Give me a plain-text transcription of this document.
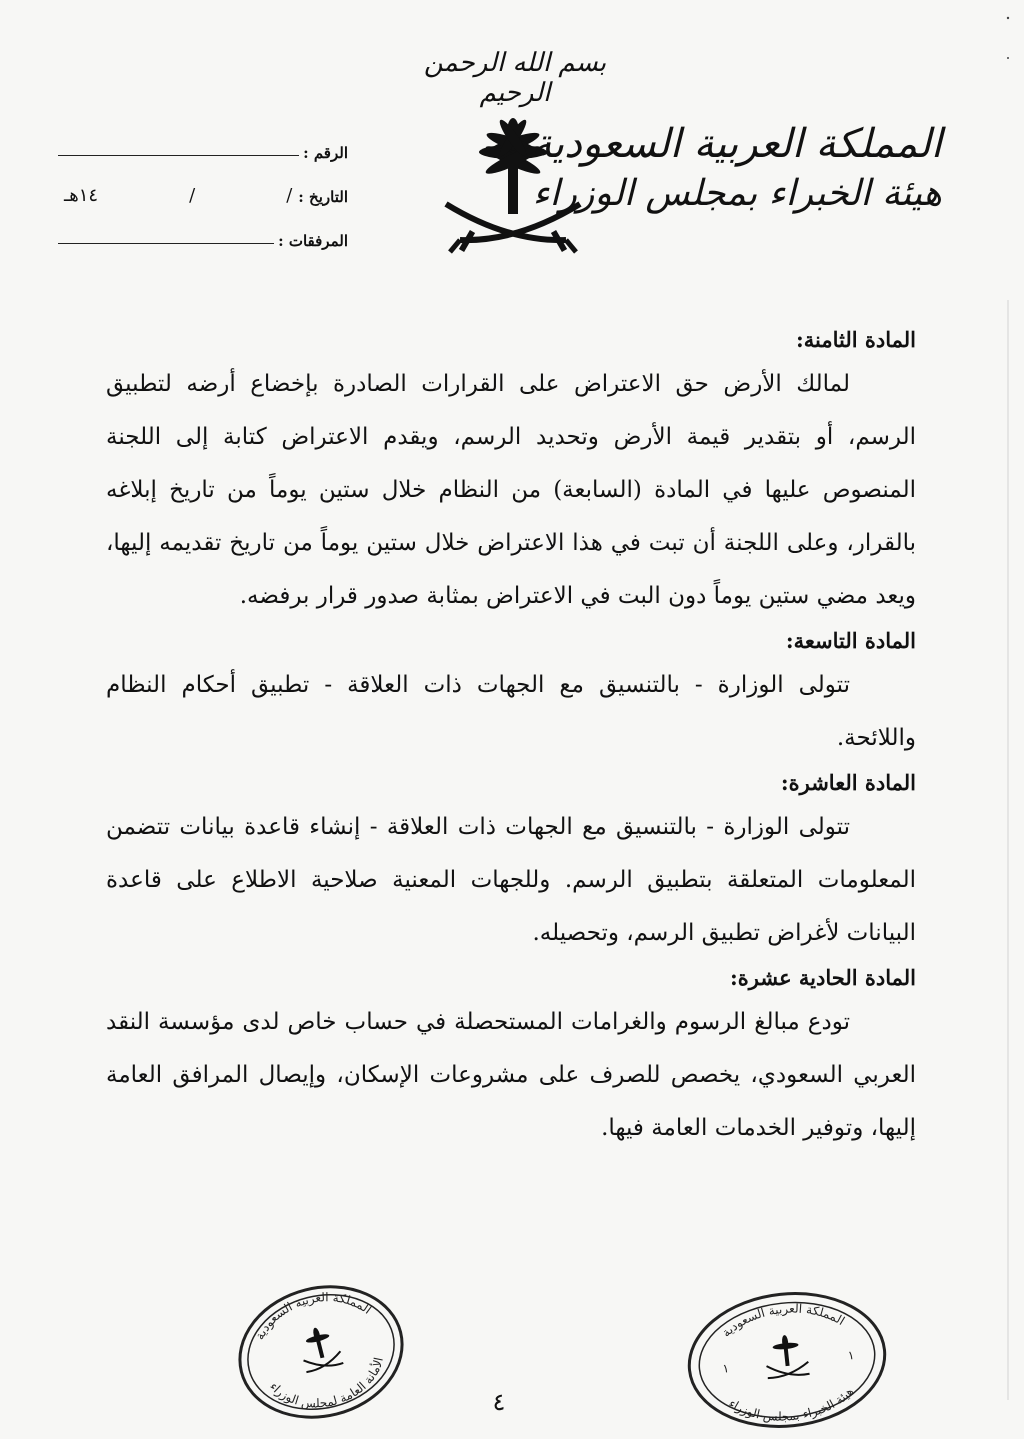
بسم الله الرحمن الرحيم
المملكة العربية السعودية
هيئة الخبراء بمجلس الوزراء
الرقم :
التاريخ :
/
/
١٤هـ
المرفقات :
المادة الثامنة:
لمالك الأرض حق الاعتراض على القرارات الصادرة بإخضاع أرضه لتطبيق الرسم، أو بتقدير قيمة الأرض وتحديد الرسم، ويقدم الاعتراض كتابة إلى اللجنة المنصوص عليها في المادة (السابعة) من النظام خلال ستين يوماً من تاريخ إبلاغه بالقرار، وعلى اللجنة أن تبت في هذا الاعتراض خلال ستين يوماً من تاريخ تقديمه إليها، ويعد مضي ستين يوماً دون البت في الاعتراض بمثابة صدور قرار برفضه.
المادة التاسعة:
تتولى الوزارة - بالتنسيق مع الجهات ذات العلاقة - تطبيق أحكام النظام واللائحة.
المادة العاشرة:
تتولى الوزارة - بالتنسيق مع الجهات ذات العلاقة - إنشاء قاعدة بيانات تتضمن المعلومات المتعلقة بتطبيق الرسم. وللجهات المعنية صلاحية الاطلاع على قاعدة البيانات لأغراض تطبيق الرسم، وتحصيله.
المادة الحادية عشرة:
تودع مبالغ الرسوم والغرامات المستحصلة في حساب خاص لدى مؤسسة النقد العربي السعودي، يخصص للصرف على مشروعات الإسكان، وإيصال المرافق العامة إليها، وتوفير الخدمات العامة فيها.
المملكة العربية السعودية
الأمانة العامة لمجلس الوزراء
المملكة العربية السعودية
هيئة الخبراء بمجلس الوزراء
١
١
٤
